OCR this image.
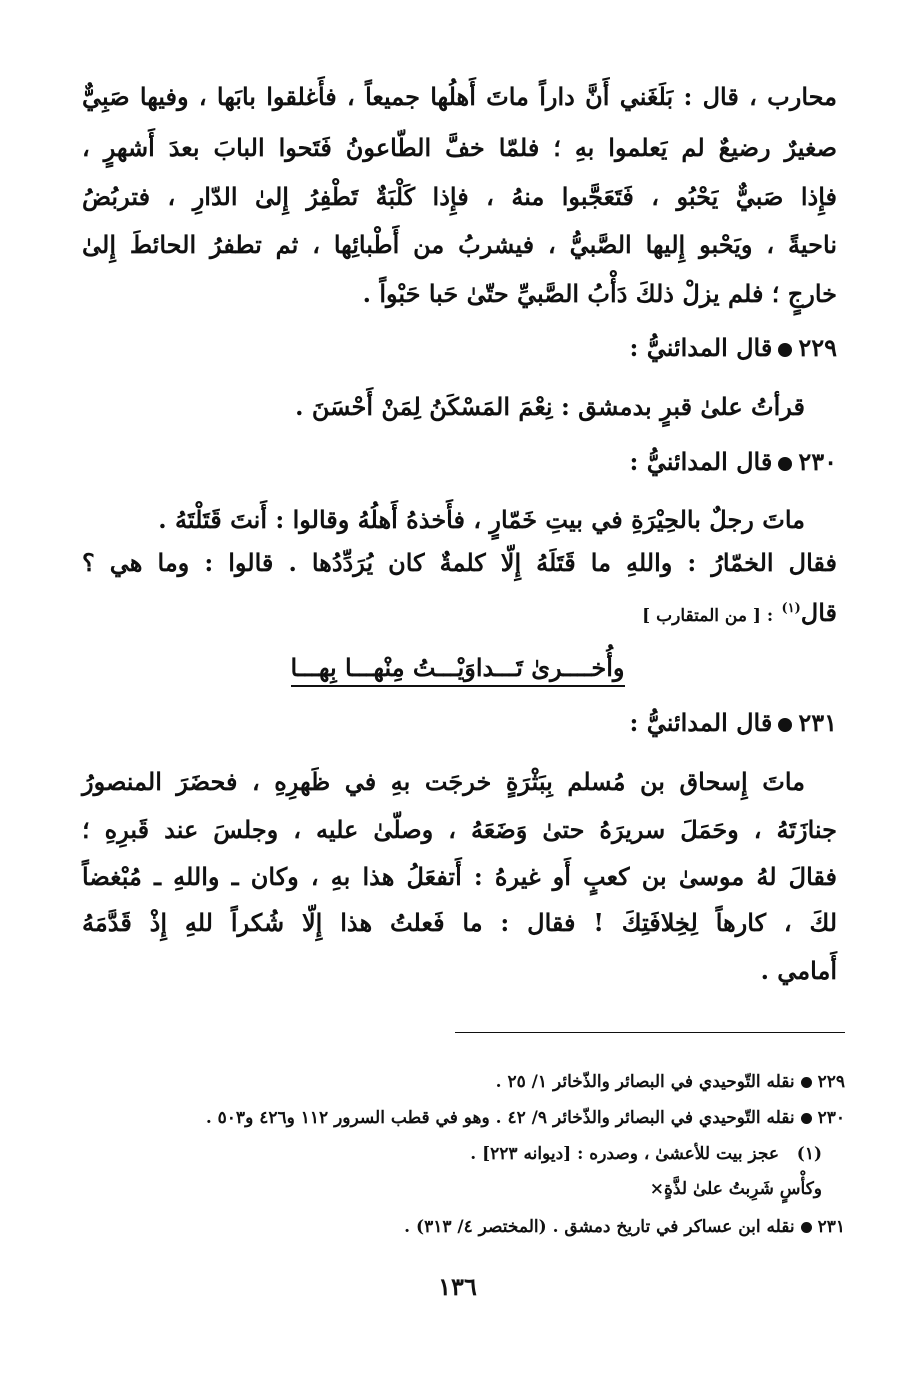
محارب ، قال : بَلَغَني أَنَّ داراً ماتَ أَهلُها جميعاً ، فأَغلقوا بابَها ، وفيها صَبِيٌّ
صغيرٌ رضيعٌ لم يَعلموا بهِ ؛ فلمّا خفَّ الطّاعونُ فَتَحوا البابَ بعدَ أَشهرٍ ،
فإِذا صَبيٌّ يَحْبُو ، فَتَعَجَّبوا منهُ ، فإِذا كَلْبَةٌ تَطْفِرُ إِلىٰ الدّارِ ، فتربُضُ
ناحيةً ، ويَحْبو إِليها الصَّبيُّ ، فيشربُ من أَطْبائِها ، ثم تطفرُ الحائطَ إِلىٰ
خارجٍ ؛ فلم يزلْ ذلكَ دَأْبُ الصَّبيِّ حتّىٰ حَبا حَبْواً .
٢٢٩قال المدائنيُّ :
قرأتُ علىٰ قبرٍ بدمشق : نِعْمَ المَسْكَنُ لِمَنْ أَحْسَنَ .
٢٣٠قال المدائنيُّ :
ماتَ رجلٌ بالحِيْرَةِ في بيتِ خَمّارٍ ، فأَخذهُ أَهلُهُ وقالوا : أَنتَ قَتَلْتَهُ .
فقال الخمّارُ : واللهِ ما قَتَلَهُ إِلّا كلمةٌ كان يُرَدِّدُها . قالوا : وما هي ؟
قال$^{(١)}$ : [ من المتقارب ]
وأُخــــرىٰ تَـــداوَيْـــتُ مِنْهـــا بِهـــا
٢٣١قال المدائنيُّ :
ماتَ إِسحاق بن مُسلم بِبَثْرَةٍ خرجَت بهِ في ظَهرِهِ ، فحضَرَ المنصورُ
جنازَتَهُ ، وحَمَلَ سريرَهُ حتىٰ وَضَعَهُ ، وصلّىٰ عليه ، وجلسَ عند قَبرِهِ ؛
فقالَ لهُ موسىٰ بن كعبٍ أَو غيرهُ : أَتفعَلُ هذا بهِ ، وكان ـ واللهِ ـ مُبْغضاً
لكَ ، كارهاً لِخِلافَتِكَ ! فقال : ما فَعلتُ هذا إِلّا شُكراً للهِ إِذْ قَدَّمَهُ
أَمامي .
٢٢٩نقله التّوحيدي في البصائر والذّخائر ١/ ٢٥ .
٢٣٠نقله التّوحيدي في البصائر والذّخائر ٩/ ٤٢ . وهو في قطب السرور ١١٢ و٤٢٦ و٥٠٣ .
(١)   عجز بيت للأعشىٰ ، وصدره : [ديوانه ٢٢٣] .
وكأْسٍ شَرِبتُ علىٰ لذَّةٍ×
٢٣١نقله ابن عساكر في تاريخ دمشق . (المختصر ٤/ ٣١٣) .
١٣٦
